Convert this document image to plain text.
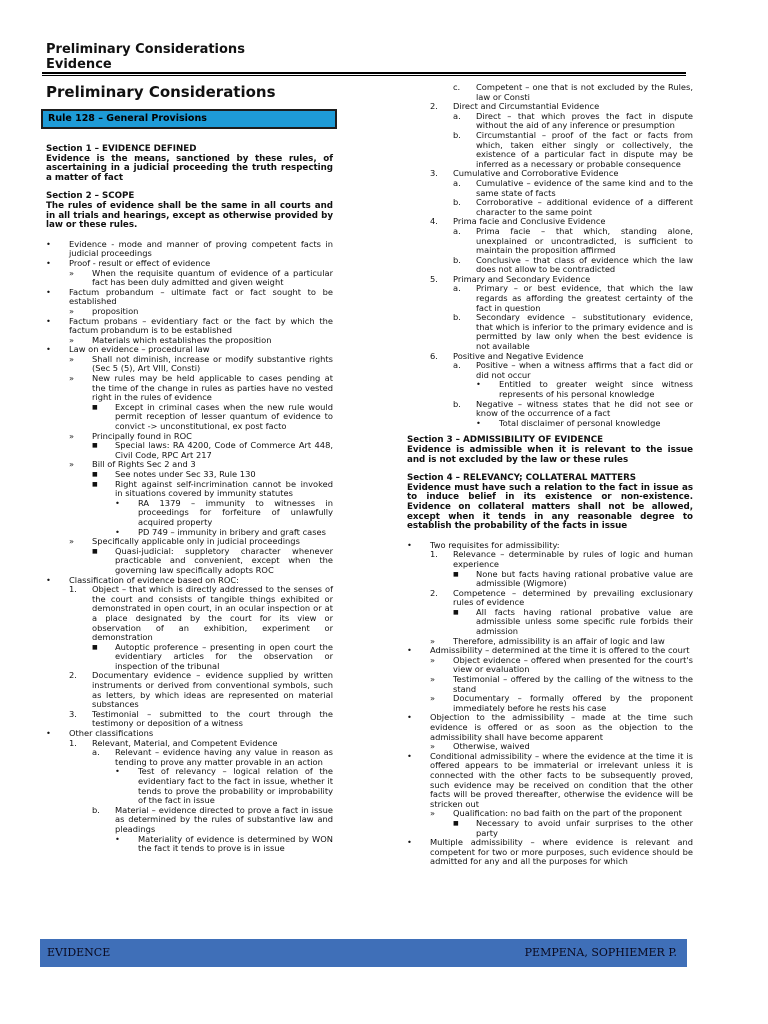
Preliminary Considerations
Evidence
Preliminary Considerations
Rule 128 – General Provisions
Section 1 – EVIDENCE DEFINED
Evidence is the means, sanctioned by these rules, of ascertaining in a judicial proceeding the truth respecting a matter of fact
Section 2 – SCOPE
The rules of evidence shall be the same in all courts and in all trials and hearings, except as otherwise provided by law or these rules.
•	Evidence - mode and manner of proving competent facts in judicial proceedings
•	Proof - result or effect of evidence
»	When the requisite quantum of evidence of a particular fact has been duly admitted and given weight
•	Factum probandum – ultimate fact or fact sought to be established
»	proposition
•	Factum probans – evidentiary fact or the fact by which the factum probandum is to be established
»	Materials which establishes the proposition
•	Law on evidence – procedural law
»	Shall not diminish, increase or modify substantive rights (Sec 5 (5), Art VIII, Consti)
»	New rules may be held applicable to cases pending at the time of the change in rules as parties have no vested right in the rules of evidence
■	Except in criminal cases when the new rule would permit reception of lesser quantum of evidence to convict -> unconstitutional, ex post facto
»	Principally found in ROC
■	Special laws: RA 4200, Code of Commerce Art 448, Civil Code, RPC Art 217
»	Bill of Rights Sec 2 and 3
■	See notes under Sec 33, Rule 130
■	Right against self-incrimination cannot be invoked in situations covered by immunity statutes
•	RA 1379 – immunity to witnesses in proceedings for forfeiture of unlawfully acquired property
•	PD 749 – immunity in bribery and graft cases
»	Specifically applicable only in judicial proceedings
■	Quasi-judicial: suppletory character whenever practicable and convenient, except when the governing law specifically adopts ROC
•	Classification of evidence based on ROC:
1.	Object – that which is directly addressed to the senses of the court and consists of tangible things exhibited or demonstrated in open court, in an ocular inspection or at a place designated by the court for its view or observation of an exhibition, experiment or demonstration
■	Autoptic proference – presenting in open court the evidentiary articles for the observation or inspection of the tribunal
2.	Documentary evidence – evidence supplied by written instruments or derived from conventional symbols, such as letters, by which ideas are represented on material substances
3.	Testimonial – submitted to the court through the testimony or deposition of a witness
•	Other classifications
1.	Relevant, Material, and Competent Evidence
a.	Relevant – evidence having any value in reason as tending to prove any matter provable in an action
•	Test of relevancy – logical relation of the evidentiary fact to the fact in issue, whether it tends to prove the probability or improbability of the fact in issue
b.	Material – evidence directed to prove a fact in issue as determined by the rules of substantive law and pleadings
•	Materiality of evidence is determined by WON the fact it tends to prove is in issue
c.	Competent – one that is not excluded by the Rules, law or Consti
2.	Direct and Circumstantial Evidence
a.	Direct – that which proves the fact in dispute without the aid of any inference or presumption
b.	Circumstantial – proof of the fact or facts from which, taken either singly or collectively, the existence of a particular fact in dispute may be inferred as a necessary or probable consequence
3.	Cumulative and Corroborative Evidence
a.	Cumulative – evidence of the same kind and to the same state of facts
b.	Corroborative – additional evidence of a different character to the same point
4.	Prima facie and Conclusive Evidence
a.	Prima facie – that which, standing alone, unexplained or uncontradicted, is sufficient to maintain the proposition affirmed
b.	Conclusive – that class of evidence which the law does not allow to be contradicted
5.	Primary and Secondary Evidence
a.	Primary – or best evidence, that which the law regards as affording the greatest certainty of the fact in question
b.	Secondary evidence – substitutionary evidence, that which is inferior to the primary evidence and is permitted by law only when the best evidence is not available
6.	Positive and Negative Evidence
a.	Positive – when a witness affirms that a fact did or did not occur
•	Entitled to greater weight since witness represents of his personal knowledge
b.	Negative – witness states that he did not see or know of the occurrence of a fact
•	Total disclaimer of personal knowledge
Section 3 – ADMISSIBILITY OF EVIDENCE
Evidence is admissible when it is relevant to the issue and is not excluded by the law or these rules
Section 4 – RELEVANCY; COLLATERAL MATTERS
Evidence must have such a relation to the fact in issue as to induce belief in its existence or non-existence. Evidence on collateral matters shall not be allowed, except when it tends in any reasonable degree to establish the probability of the facts in issue
•	Two requisites for admissibility:
1.	Relevance – determinable by rules of logic and human experience
■	None but facts having rational probative value are admissible (Wigmore)
2.	Competence – determined by prevailing exclusionary rules of evidence
■	All facts having rational probative value are admissible unless some specific rule forbids their admission
»	Therefore, admissibility is an affair of logic and law
•	Admissibility – determined at the time it is offered to the court
»	Object evidence – offered when presented for the court's view or evaluation
»	Testimonial – offered by the calling of the witness to the stand
»	Documentary – formally offered by the proponent immediately before he rests his case
•	Objection to the admissibility – made at the time such evidence is offered or as soon as the objection to the admissibility shall have become apparent
»	Otherwise, waived
•	Conditional admissibility – where the evidence at the time it is offered appears to be immaterial or irrelevant unless it is connected with the other facts to be subsequently proved, such evidence may be received on condition that the other facts will be proved thereafter, otherwise the evidence will be stricken out
»	Qualification: no bad faith on the part of the proponent
■	Necessary to avoid unfair surprises to the other party
•	Multiple admissibility – where evidence is relevant and competent for two or more purposes, such evidence should be admitted for any and all the purposes for which
EVIDENCE	PEMPENA, SOPHIEMER P.
